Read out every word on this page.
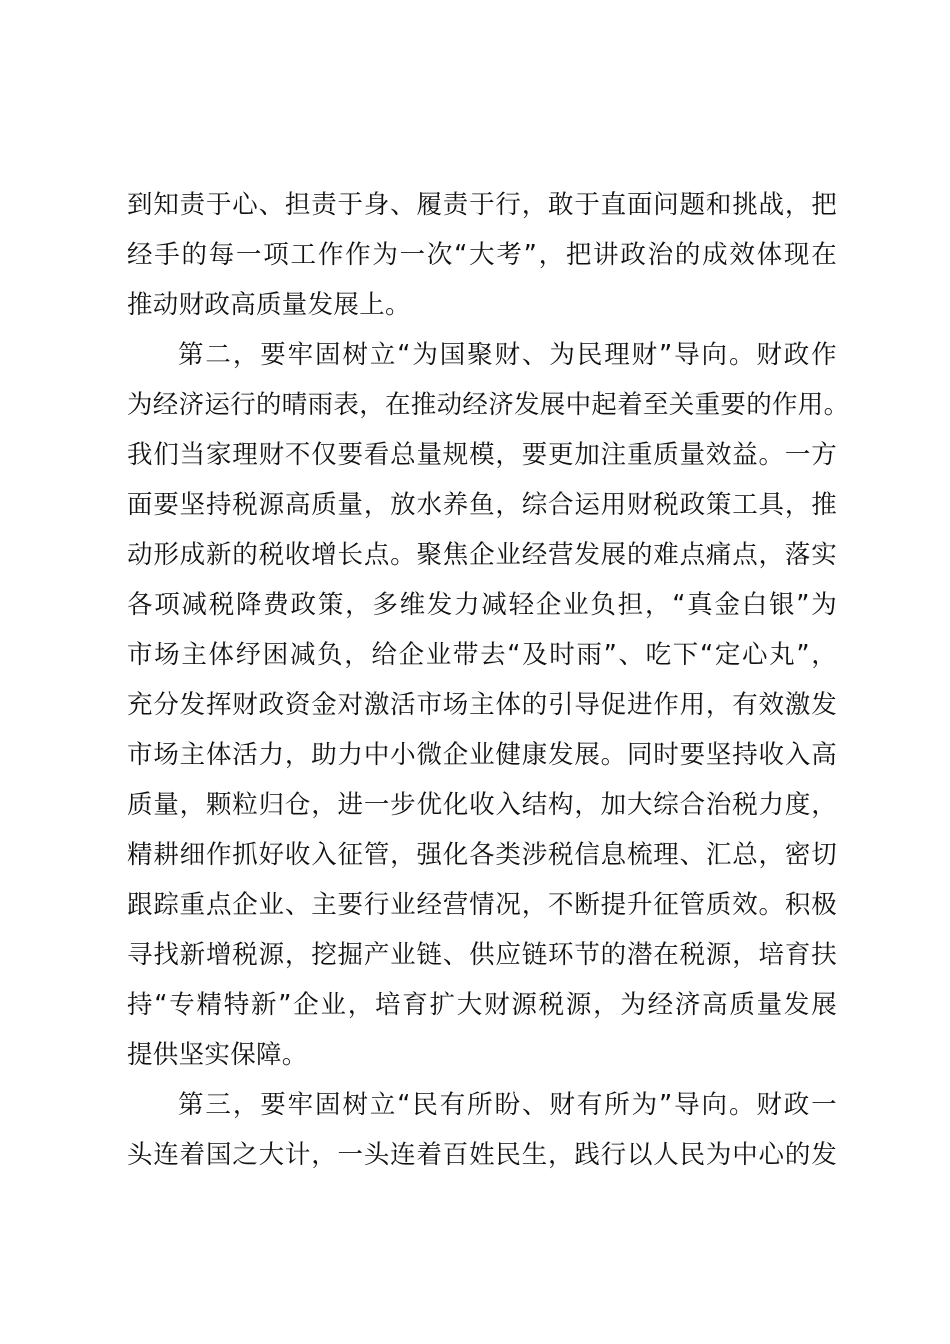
到知责于心、担责于身、履责于行，敢于直面问题和挑战，把
经手的每一项工作作为一次“大考”，把讲政治的成效体现在
推动财政高质量发展上。
第二，要牢固树立“为国聚财、为民理财”导向。财政作
为经济运行的晴雨表，在推动经济发展中起着至关重要的作用。
我们当家理财不仅要看总量规模，要更加注重质量效益。一方
面要坚持税源高质量，放水养鱼，综合运用财税政策工具，推
动形成新的税收增长点。聚焦企业经营发展的难点痛点，落实
各项减税降费政策，多维发力减轻企业负担，“真金白银”为
市场主体纾困减负，给企业带去“及时雨”、吃下“定心丸”，
充分发挥财政资金对激活市场主体的引导促进作用，有效激发
市场主体活力，助力中小微企业健康发展。同时要坚持收入高
质量，颗粒归仓，进一步优化收入结构，加大综合治税力度，
精耕细作抓好收入征管，强化各类涉税信息梳理、汇总，密切
跟踪重点企业、主要行业经营情况，不断提升征管质效。积极
寻找新增税源，挖掘产业链、供应链环节的潜在税源，培育扶
持“专精特新”企业，培育扩大财源税源，为经济高质量发展
提供坚实保障。
第三，要牢固树立“民有所盼、财有所为”导向。财政一
头连着国之大计，一头连着百姓民生，践行以人民为中心的发
